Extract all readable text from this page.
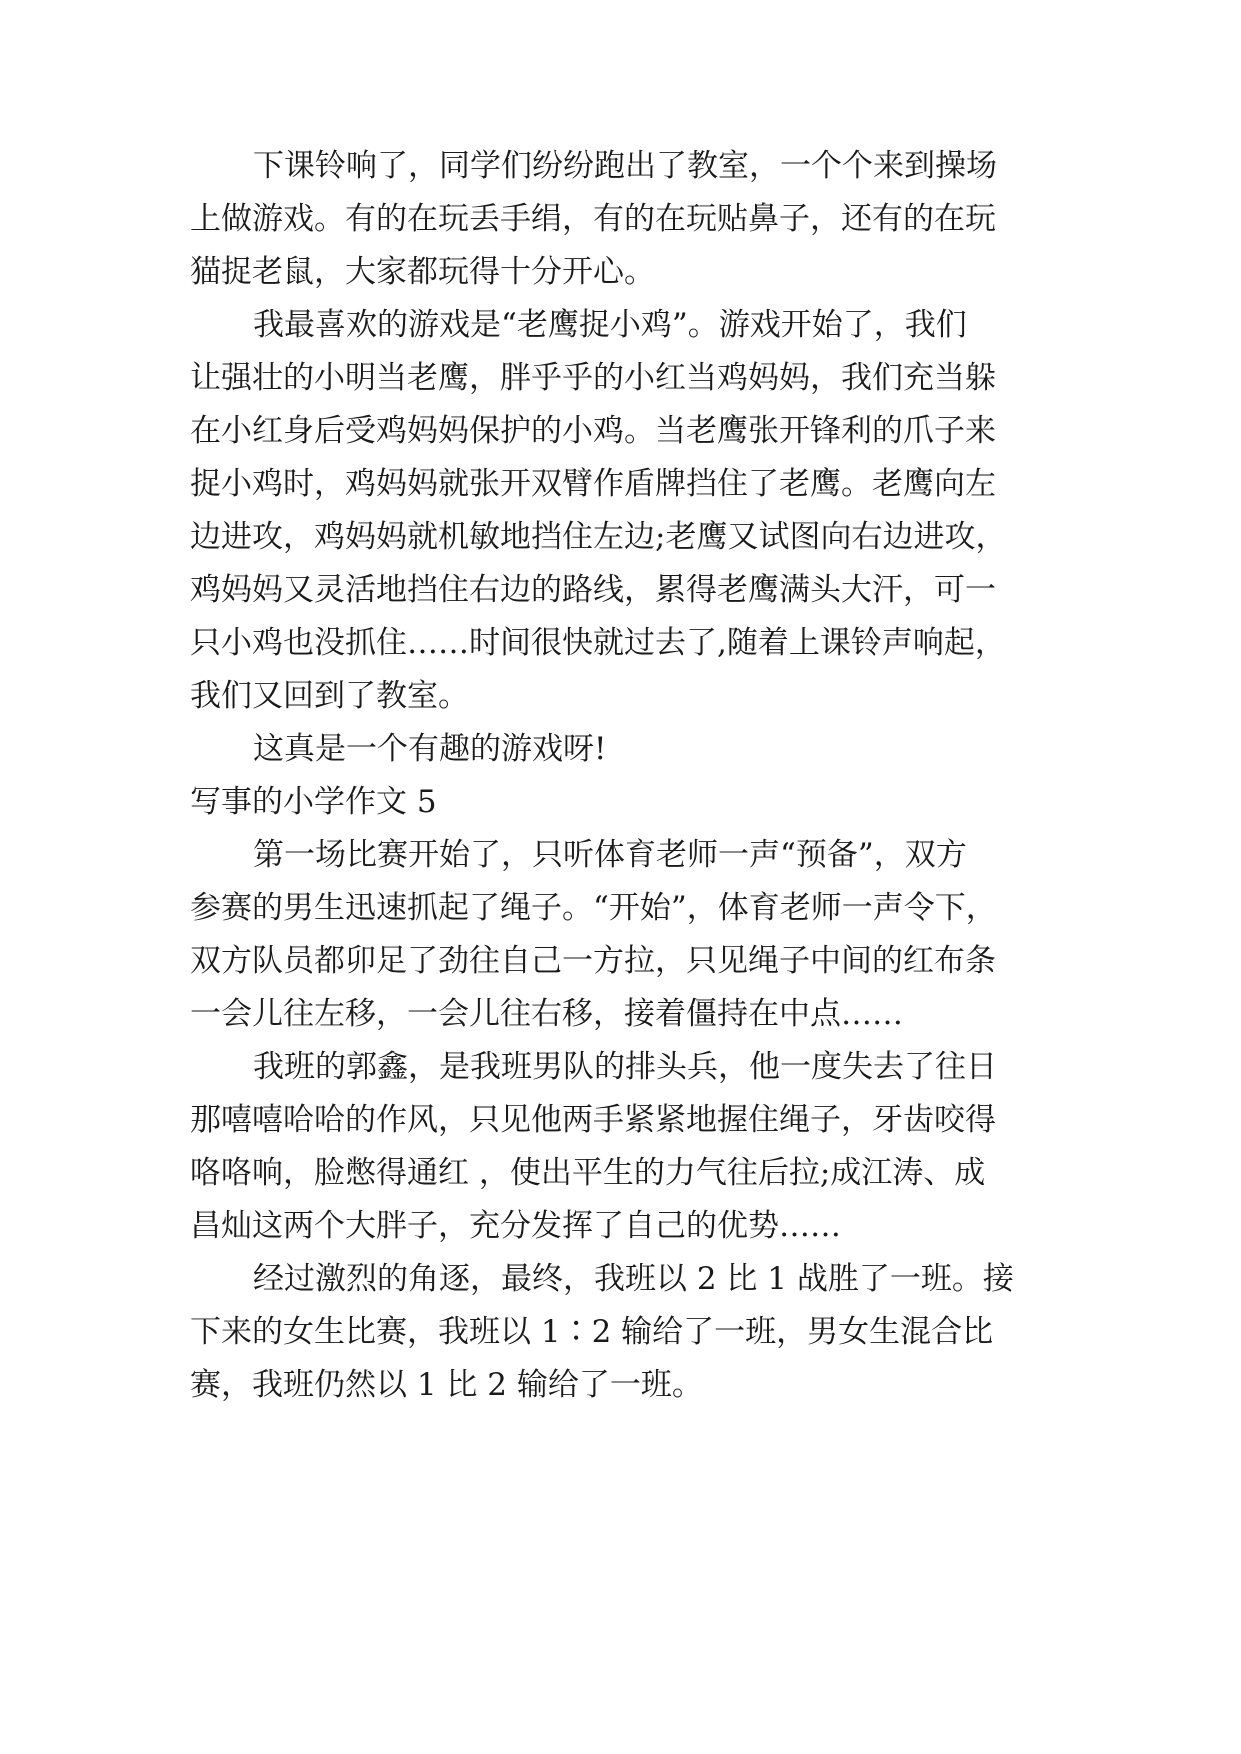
下课铃响了，同学们纷纷跑出了教室，一个个来到操场
上做游戏。有的在玩丢手绢，有的在玩贴鼻子，还有的在玩
猫捉老鼠，大家都玩得十分开心。
我最喜欢的游戏是“老鹰捉小鸡”。游戏开始了，我们
让强壮的小明当老鹰，胖乎乎的小红当鸡妈妈，我们充当躲
在小红身后受鸡妈妈保护的小鸡。当老鹰张开锋利的爪子来
捉小鸡时，鸡妈妈就张开双臂作盾牌挡住了老鹰。老鹰向左
边进攻，鸡妈妈就机敏地挡住左边;老鹰又试图向右边进攻，
鸡妈妈又灵活地挡住右边的路线，累得老鹰满头大汗，可一
只小鸡也没抓住……时间很快就过去了,随着上课铃声响起，
我们又回到了教室。
这真是一个有趣的游戏呀!
写事的小学作文 5
第一场比赛开始了，只听体育老师一声“预备”，双方
参赛的男生迅速抓起了绳子。“开始”，体育老师一声令下，
双方队员都卯足了劲往自己一方拉，只见绳子中间的红布条
一会儿往左移，一会儿往右移，接着僵持在中点……
我班的郭鑫，是我班男队的排头兵，他一度失去了往日
那嘻嘻哈哈的作风，只见他两手紧紧地握住绳子，牙齿咬得
咯咯响，脸憋得通红 ，使出平生的力气往后拉;成江涛、成
昌灿这两个大胖子，充分发挥了自己的优势……
经过激烈的角逐，最终，我班以 2 比 1 战胜了一班。接
下来的女生比赛，我班以 1∶2 输给了一班，男女生混合比
赛，我班仍然以 1 比 2 输给了一班。
